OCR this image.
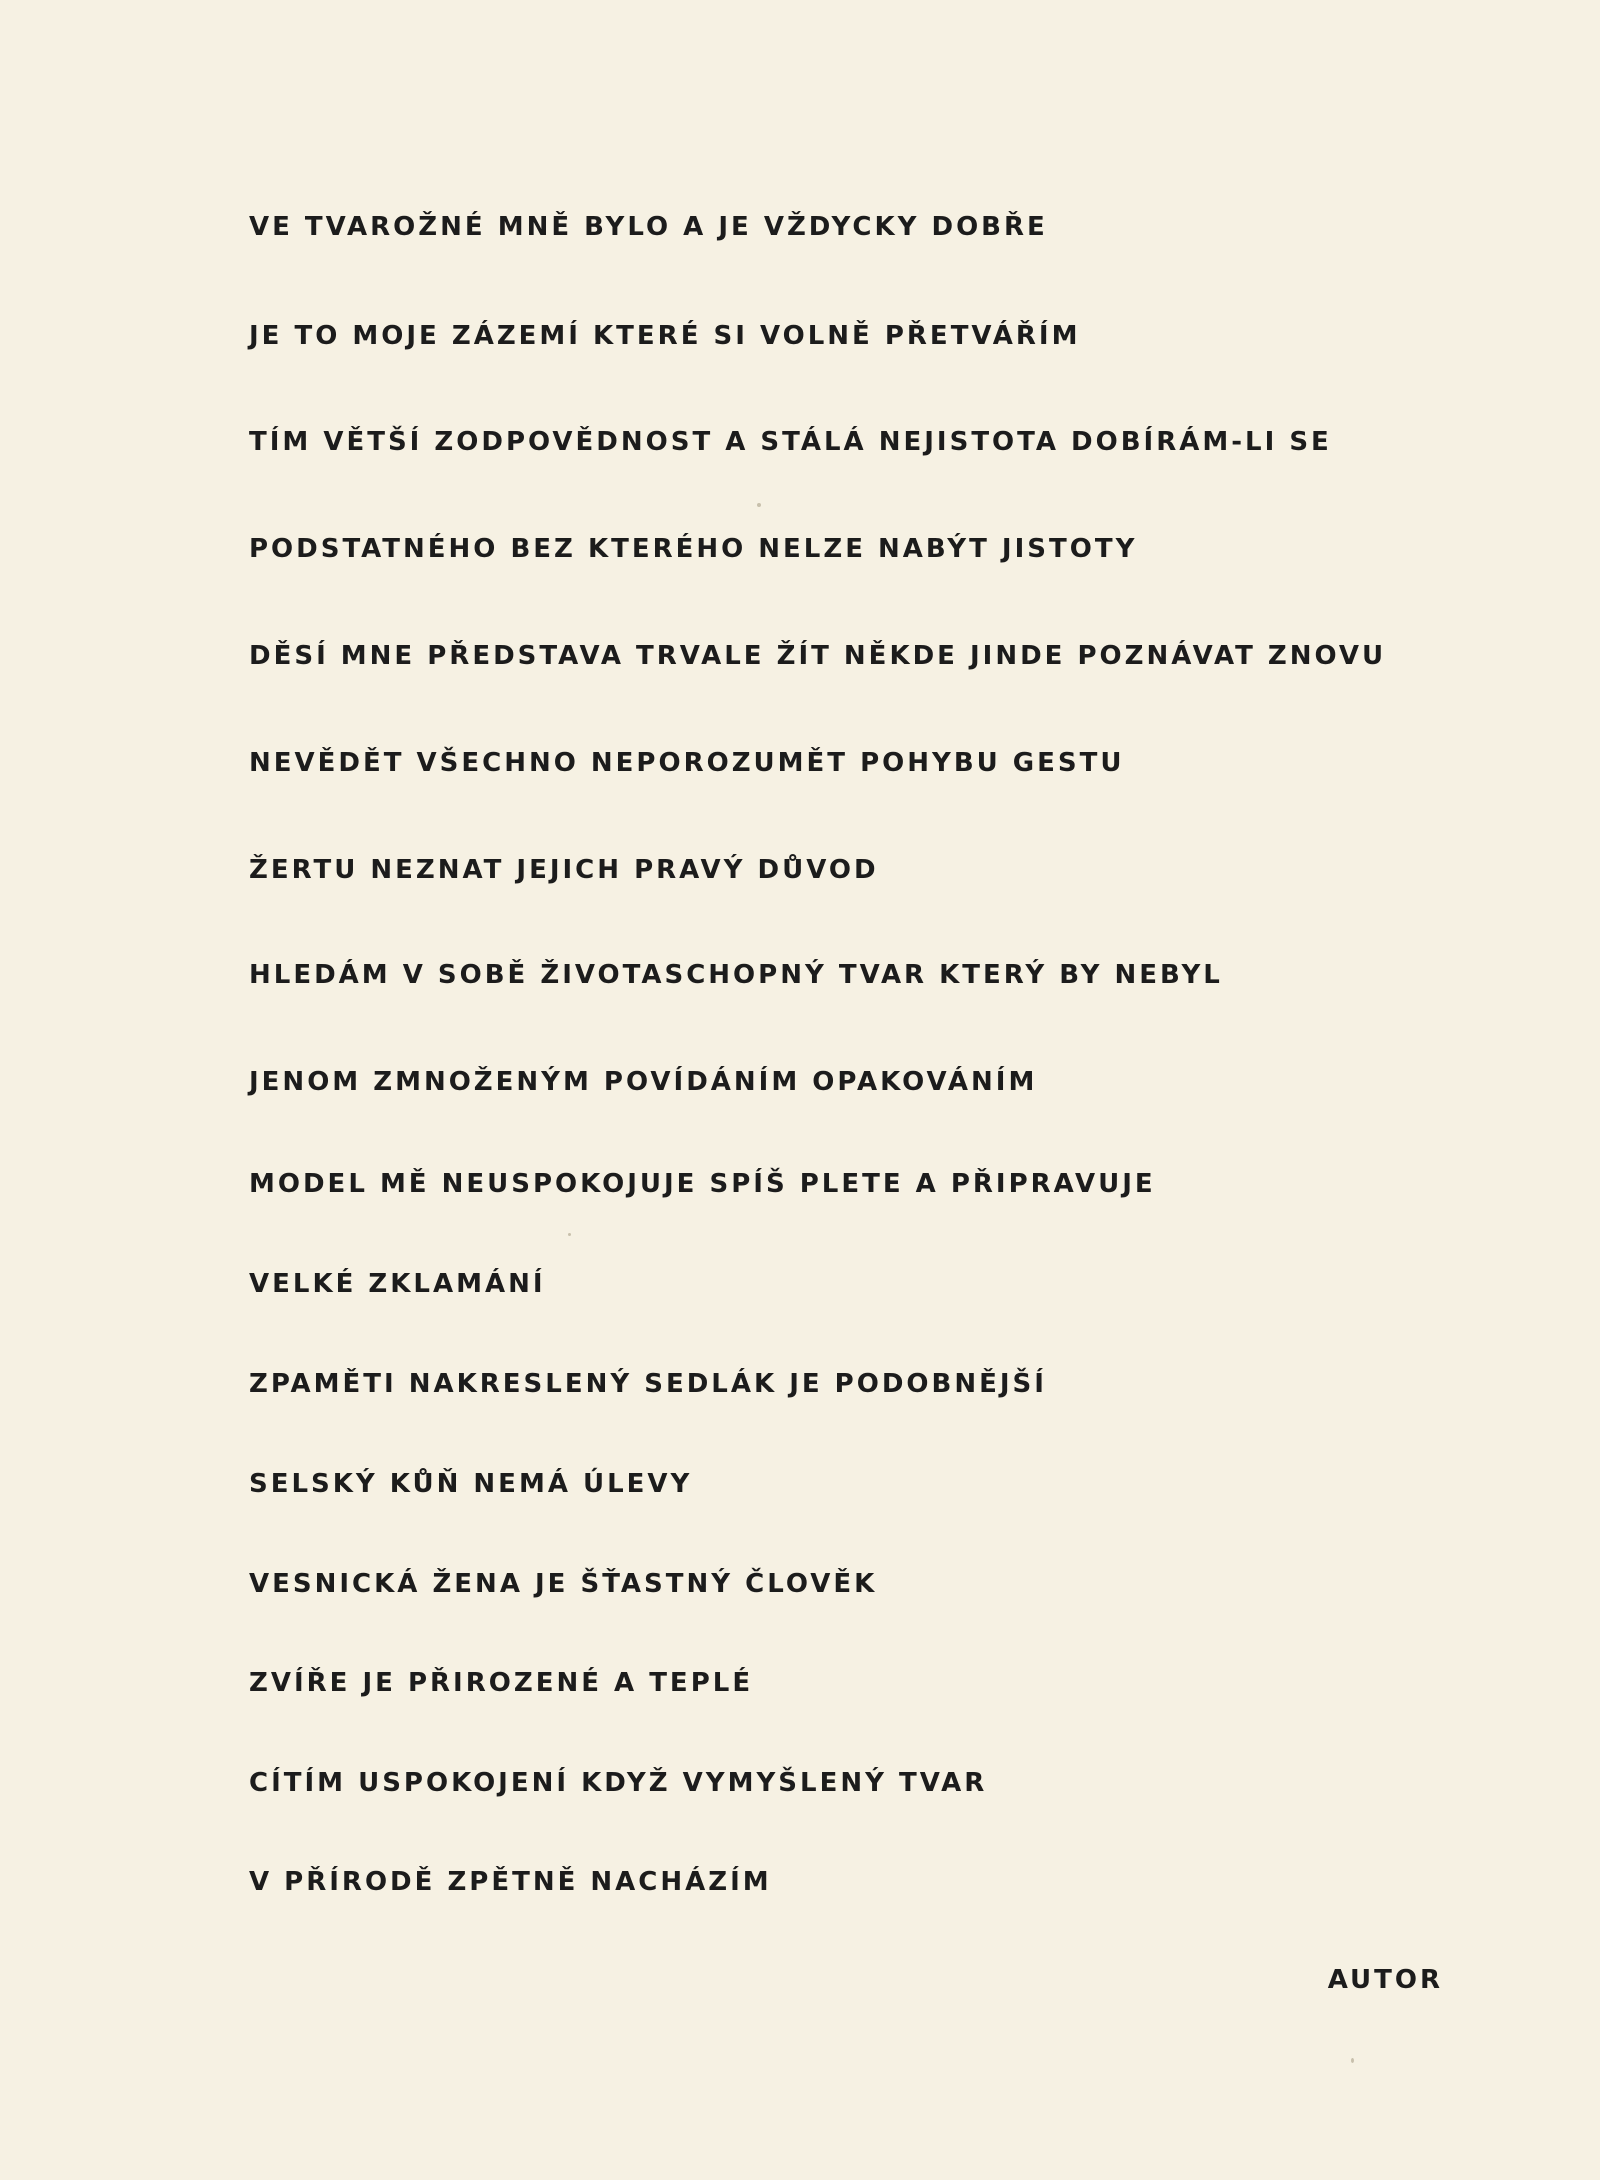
VE TVAROŽNÉ MNĚ BYLO A JE VŽDYCKY DOBŘE
JE TO MOJE ZÁZEMÍ KTERÉ SI VOLNĚ PŘETVÁŘÍM
TÍM VĚTŠÍ ZODPOVĚDNOST A STÁLÁ NEJISTOTA DOBÍRÁM-LI SE
PODSTATNÉHO BEZ KTERÉHO NELZE NABÝT JISTOTY
DĚSÍ MNE PŘEDSTAVA TRVALE ŽÍT NĚKDE JINDE POZNÁVAT ZNOVU
NEVĚDĚT VŠECHNO NEPOROZUMĚT POHYBU GESTU
ŽERTU NEZNAT JEJICH PRAVÝ DŮVOD
HLEDÁM V SOBĚ ŽIVOTASCHOPNÝ TVAR KTERÝ BY NEBYL
JENOM ZMNOŽENÝM POVÍDÁNÍM OPAKOVÁNÍM
MODEL MĚ NEUSPOKOJUJE SPÍŠ PLETE A PŘIPRAVUJE
VELKÉ ZKLAMÁNÍ
ZPAMĚTI NAKRESLENÝ SEDLÁK JE PODOBNĚJŠÍ
SELSKÝ KŮŇ NEMÁ ÚLEVY
VESNICKÁ ŽENA JE ŠŤASTNÝ ČLOVĚK
ZVÍŘE JE PŘIROZENÉ A TEPLÉ
CÍTÍM USPOKOJENÍ KDYŽ VYMYŠLENÝ TVAR
V PŘÍRODĚ ZPĚTNĚ NACHÁZÍM
AUTOR
